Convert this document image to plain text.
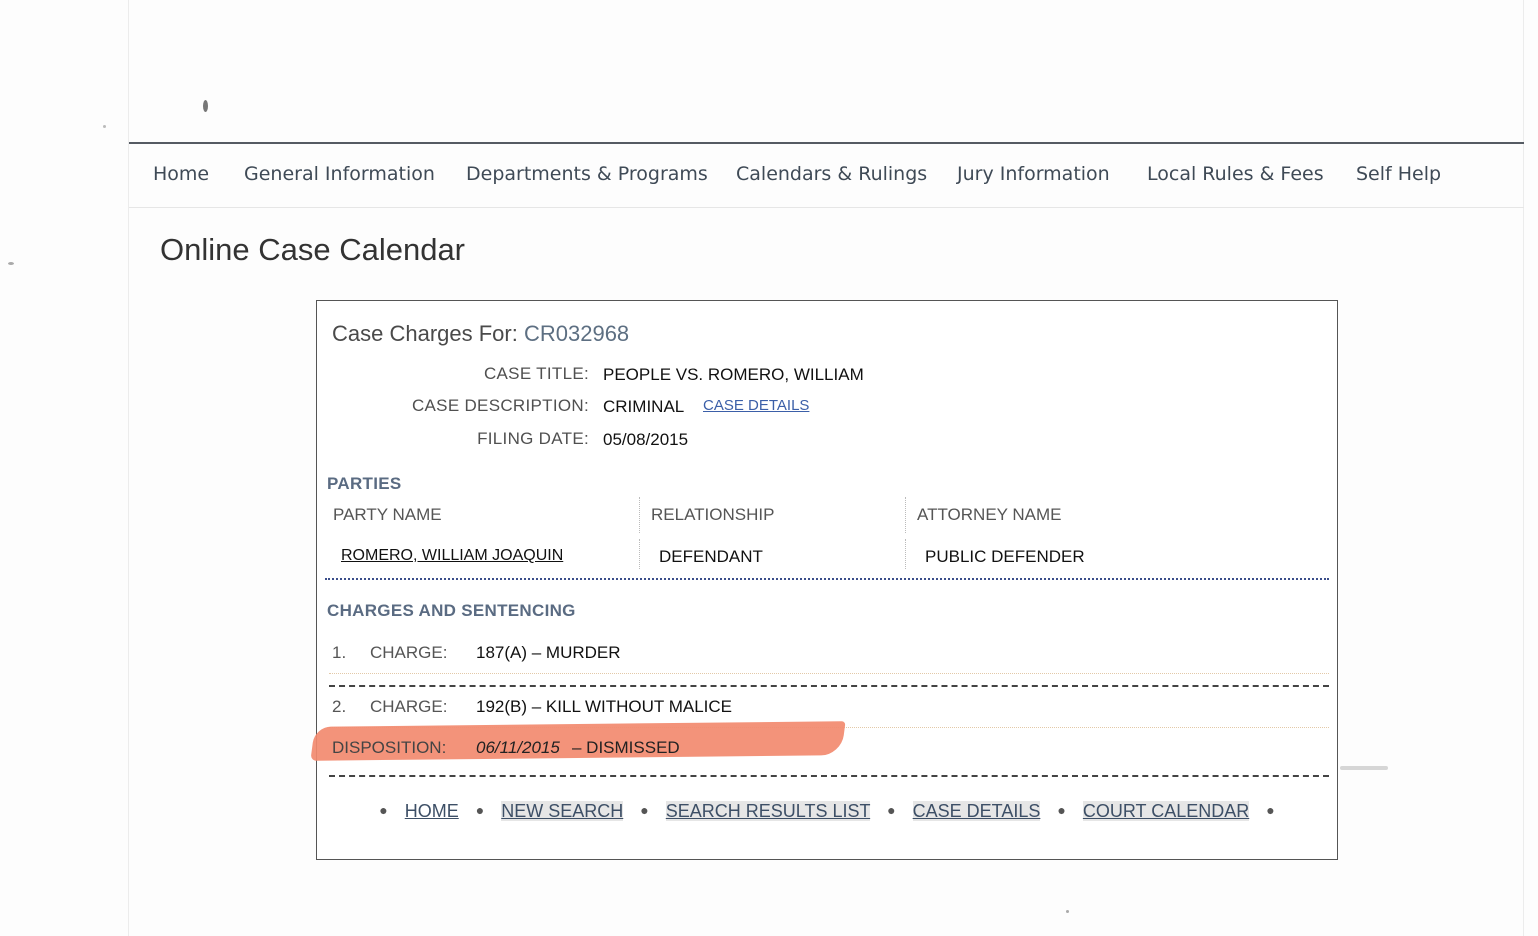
Home General Information Departments & Programs Calendars & Rulings Jury Information Local Rules & Fees Self Help
Online Case Calendar
Case Charges For: CR032968
CASE TITLE: PEOPLE VS. ROMERO, WILLIAM
CASE DESCRIPTION: CRIMINAL CASE DETAILS
FILING DATE: 05/08/2015
PARTIES
PARTY NAME	RELATIONSHIP	ATTORNEY NAME
ROMERO, WILLIAM JOAQUIN	DEFENDANT	PUBLIC DEFENDER
CHARGES AND SENTENCING
1. CHARGE: 187(A) – MURDER
2. CHARGE: 192(B) – KILL WITHOUT MALICE
DISPOSITION: 06/11/2015 – DISMISSED
● HOME ● NEW SEARCH ● SEARCH RESULTS LIST ● CASE DETAILS ● COURT CALENDAR ●
